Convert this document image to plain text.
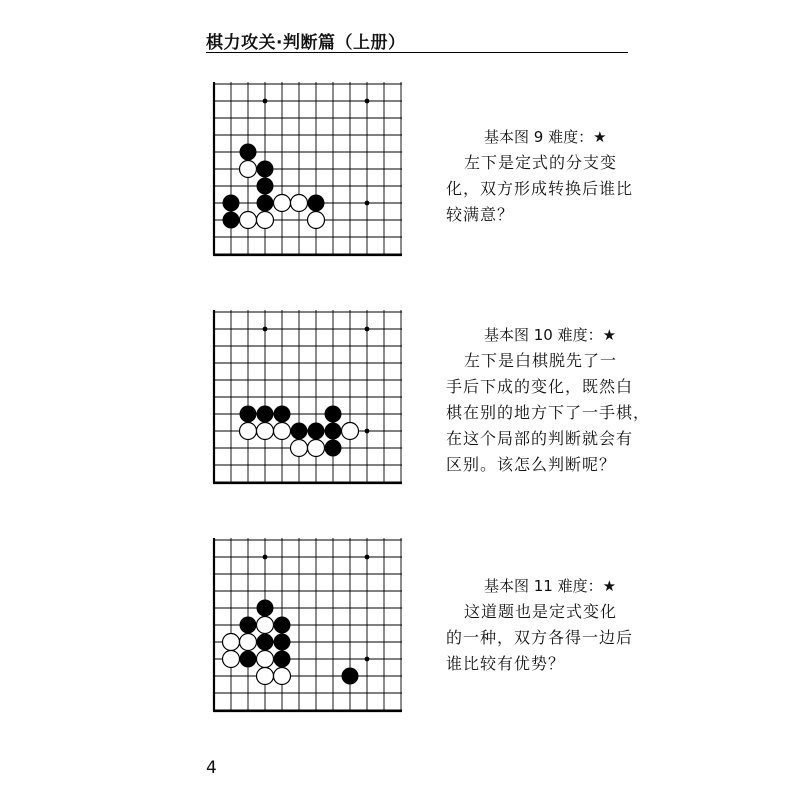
棋力攻关·判断篇（上册）
基本图 9 难度：★
左下是定式的分支变
化，双方形成转换后谁比
较满意？
基本图 10 难度：★
左下是白棋脱先了一
手后下成的变化，既然白
棋在别的地方下了一手棋，
在这个局部的判断就会有
区别。该怎么判断呢？
基本图 11 难度：★
这道题也是定式变化
的一种，双方各得一边后
谁比较有优势？
4
